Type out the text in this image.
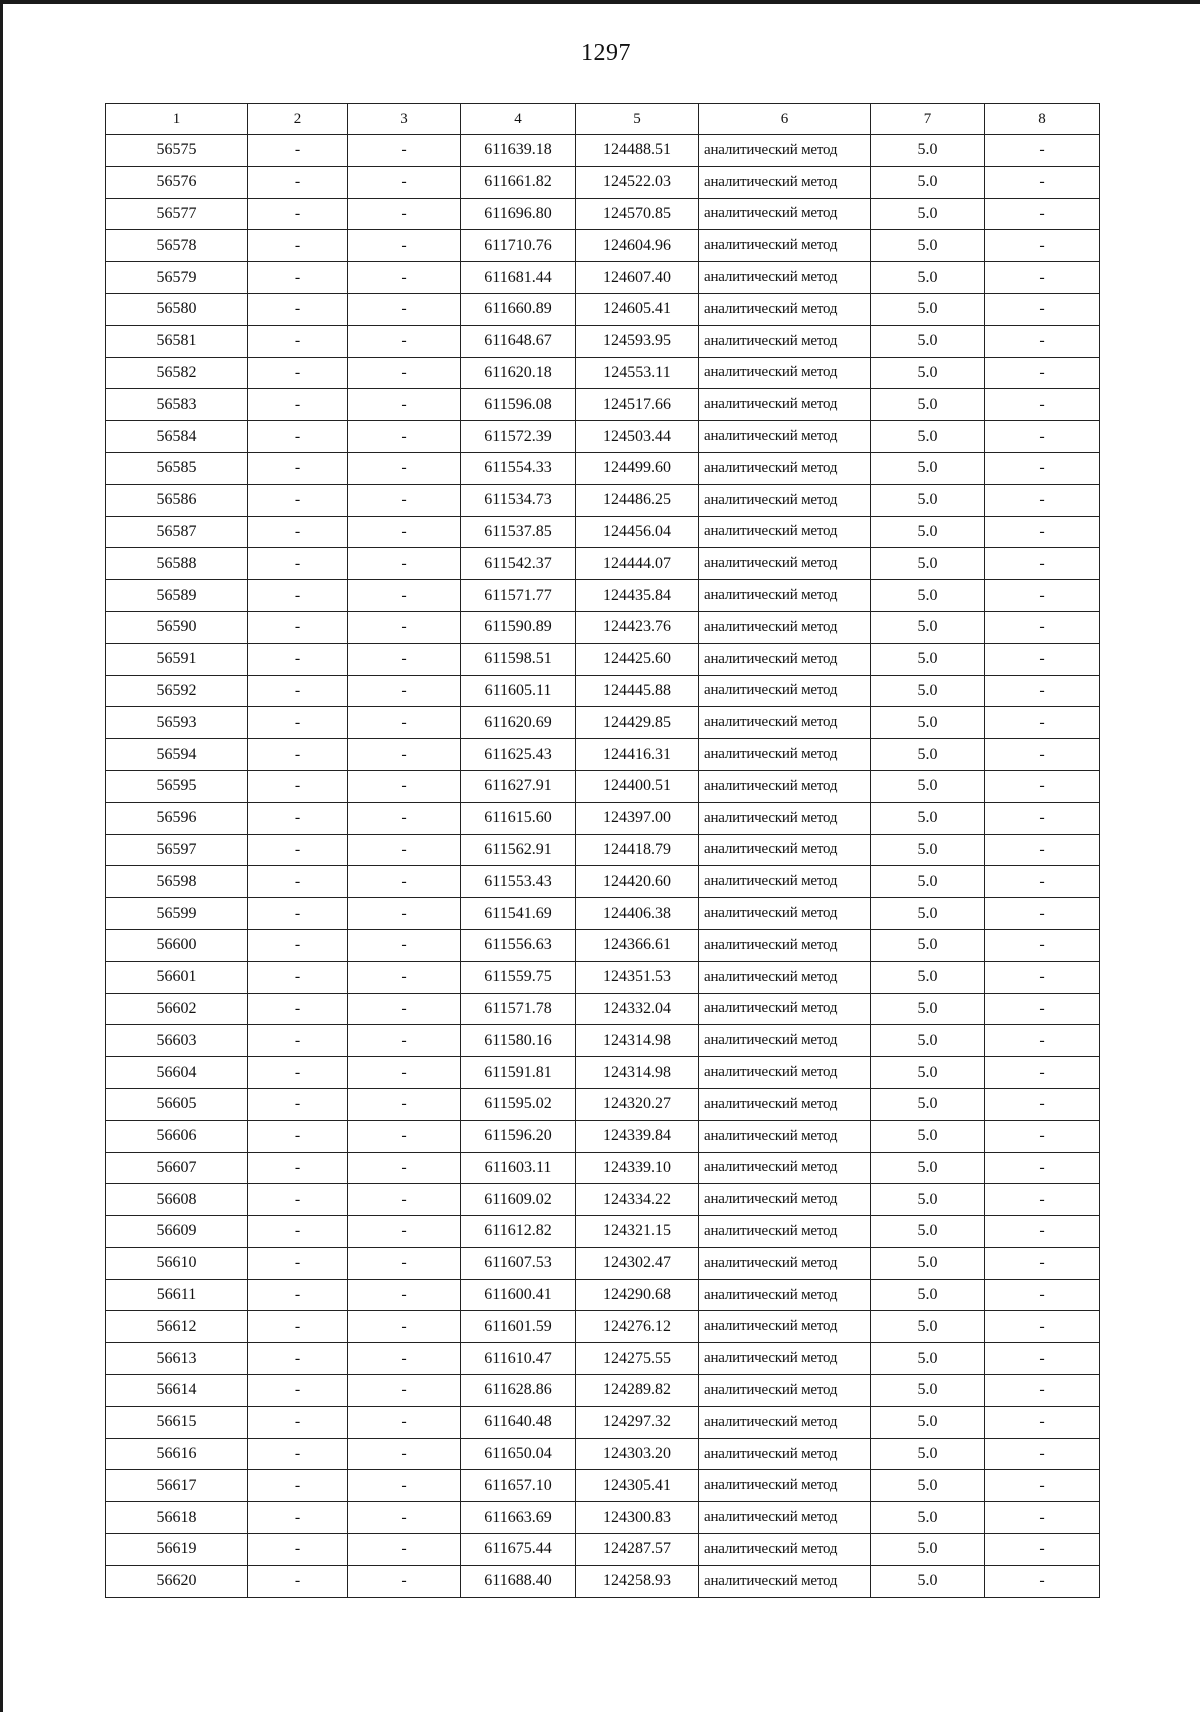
1297
1	2	3	4	5	6	7	8
56575	-	-	611639.18	124488.51	аналитический метод	5.0	-
56576	-	-	611661.82	124522.03	аналитический метод	5.0	-
56577	-	-	611696.80	124570.85	аналитический метод	5.0	-
56578	-	-	611710.76	124604.96	аналитический метод	5.0	-
56579	-	-	611681.44	124607.40	аналитический метод	5.0	-
56580	-	-	611660.89	124605.41	аналитический метод	5.0	-
56581	-	-	611648.67	124593.95	аналитический метод	5.0	-
56582	-	-	611620.18	124553.11	аналитический метод	5.0	-
56583	-	-	611596.08	124517.66	аналитический метод	5.0	-
56584	-	-	611572.39	124503.44	аналитический метод	5.0	-
56585	-	-	611554.33	124499.60	аналитический метод	5.0	-
56586	-	-	611534.73	124486.25	аналитический метод	5.0	-
56587	-	-	611537.85	124456.04	аналитический метод	5.0	-
56588	-	-	611542.37	124444.07	аналитический метод	5.0	-
56589	-	-	611571.77	124435.84	аналитический метод	5.0	-
56590	-	-	611590.89	124423.76	аналитический метод	5.0	-
56591	-	-	611598.51	124425.60	аналитический метод	5.0	-
56592	-	-	611605.11	124445.88	аналитический метод	5.0	-
56593	-	-	611620.69	124429.85	аналитический метод	5.0	-
56594	-	-	611625.43	124416.31	аналитический метод	5.0	-
56595	-	-	611627.91	124400.51	аналитический метод	5.0	-
56596	-	-	611615.60	124397.00	аналитический метод	5.0	-
56597	-	-	611562.91	124418.79	аналитический метод	5.0	-
56598	-	-	611553.43	124420.60	аналитический метод	5.0	-
56599	-	-	611541.69	124406.38	аналитический метод	5.0	-
56600	-	-	611556.63	124366.61	аналитический метод	5.0	-
56601	-	-	611559.75	124351.53	аналитический метод	5.0	-
56602	-	-	611571.78	124332.04	аналитический метод	5.0	-
56603	-	-	611580.16	124314.98	аналитический метод	5.0	-
56604	-	-	611591.81	124314.98	аналитический метод	5.0	-
56605	-	-	611595.02	124320.27	аналитический метод	5.0	-
56606	-	-	611596.20	124339.84	аналитический метод	5.0	-
56607	-	-	611603.11	124339.10	аналитический метод	5.0	-
56608	-	-	611609.02	124334.22	аналитический метод	5.0	-
56609	-	-	611612.82	124321.15	аналитический метод	5.0	-
56610	-	-	611607.53	124302.47	аналитический метод	5.0	-
56611	-	-	611600.41	124290.68	аналитический метод	5.0	-
56612	-	-	611601.59	124276.12	аналитический метод	5.0	-
56613	-	-	611610.47	124275.55	аналитический метод	5.0	-
56614	-	-	611628.86	124289.82	аналитический метод	5.0	-
56615	-	-	611640.48	124297.32	аналитический метод	5.0	-
56616	-	-	611650.04	124303.20	аналитический метод	5.0	-
56617	-	-	611657.10	124305.41	аналитический метод	5.0	-
56618	-	-	611663.69	124300.83	аналитический метод	5.0	-
56619	-	-	611675.44	124287.57	аналитический метод	5.0	-
56620	-	-	611688.40	124258.93	аналитический метод	5.0	-
